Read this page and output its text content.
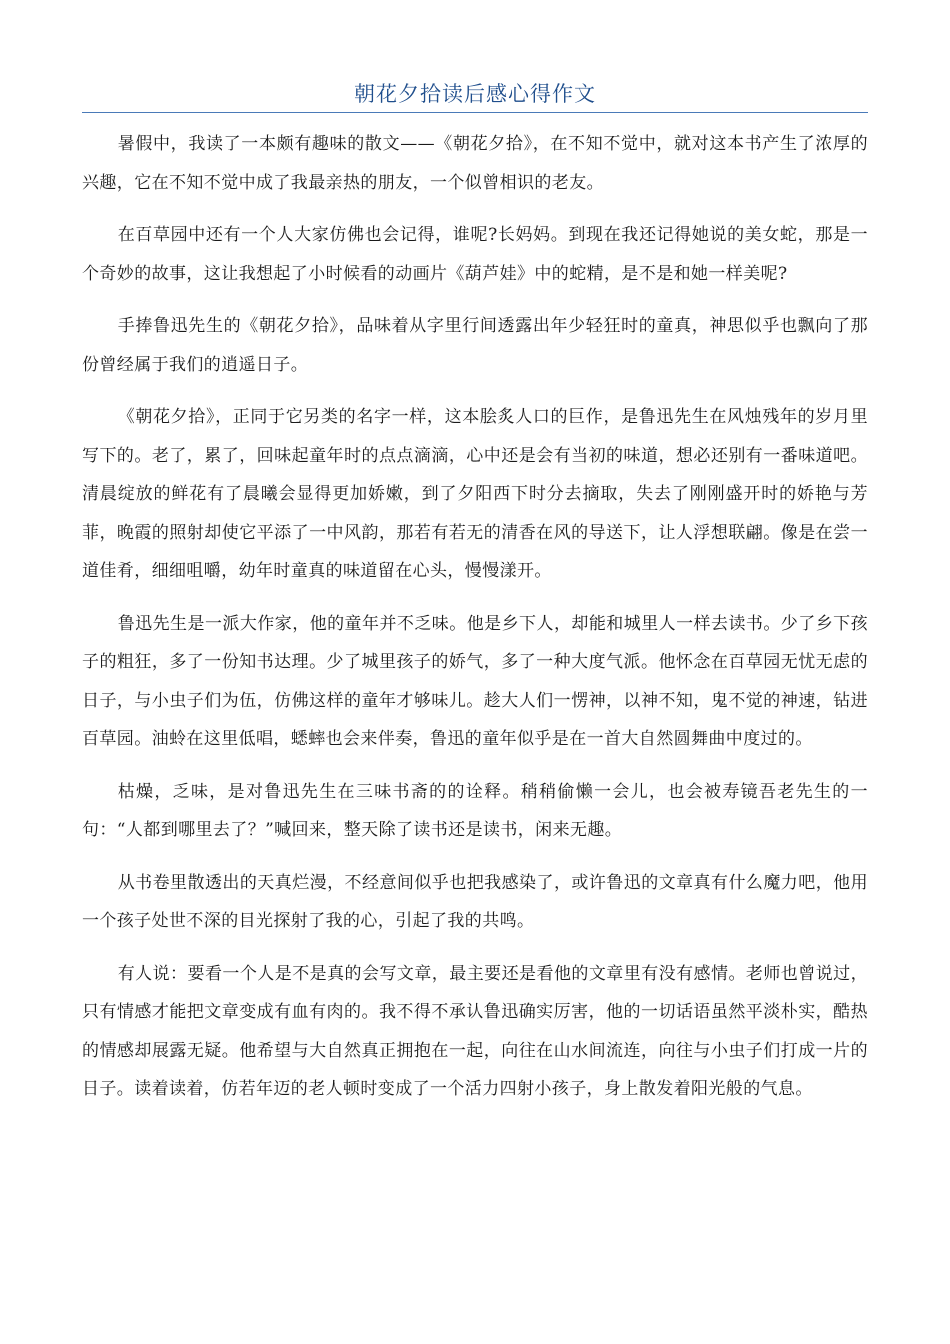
朝花夕拾读后感心得作文

暑假中，我读了一本颇有趣味的散文——《朝花夕拾》，在不知不觉中，就对这本书产生了浓厚的兴趣，它在不知不觉中成了我最亲热的朋友，一个似曾相识的老友。

在百草园中还有一个人大家仿佛也会记得，谁呢?长妈妈。到现在我还记得她说的美女蛇，那是一个奇妙的故事，这让我想起了小时候看的动画片《葫芦娃》中的蛇精，是不是和她一样美呢?

手捧鲁迅先生的《朝花夕拾》，品味着从字里行间透露出年少轻狂时的童真，神思似乎也飘向了那份曾经属于我们的逍遥日子。

《朝花夕拾》，正同于它另类的名字一样，这本脍炙人口的巨作，是鲁迅先生在风烛残年的岁月里写下的。老了，累了，回味起童年时的点点滴滴，心中还是会有当初的味道，想必还别有一番味道吧。清晨绽放的鲜花有了晨曦会显得更加娇嫩，到了夕阳西下时分去摘取，失去了刚刚盛开时的娇艳与芳菲，晚霞的照射却使它平添了一中风韵，那若有若无的清香在风的导送下，让人浮想联翩。像是在尝一道佳肴，细细咀嚼，幼年时童真的味道留在心头，慢慢漾开。

鲁迅先生是一派大作家，他的童年并不乏味。他是乡下人，却能和城里人一样去读书。少了乡下孩子的粗狂，多了一份知书达理。少了城里孩子的娇气，多了一种大度气派。他怀念在百草园无忧无虑的日子，与小虫子们为伍，仿佛这样的童年才够味儿。趁大人们一愣神，以神不知，鬼不觉的神速，钻进百草园。油蛉在这里低唱，蟋蟀也会来伴奏，鲁迅的童年似乎是在一首大自然圆舞曲中度过的。

枯燥，乏味，是对鲁迅先生在三味书斋的的诠释。稍稍偷懒一会儿，也会被寿镜吾老先生的一句：“人都到哪里去了？”喊回来，整天除了读书还是读书，闲来无趣。

从书卷里散透出的天真烂漫，不经意间似乎也把我感染了，或许鲁迅的文章真有什么魔力吧，他用一个孩子处世不深的目光探射了我的心，引起了我的共鸣。

有人说：要看一个人是不是真的会写文章，最主要还是看他的文章里有没有感情。老师也曾说过，只有情感才能把文章变成有血有肉的。我不得不承认鲁迅确实厉害，他的一切话语虽然平淡朴实，酷热的情感却展露无疑。他希望与大自然真正拥抱在一起，向往在山水间流连，向往与小虫子们打成一片的日子。读着读着，仿若年迈的老人顿时变成了一个活力四射小孩子，身上散发着阳光般的气息。
